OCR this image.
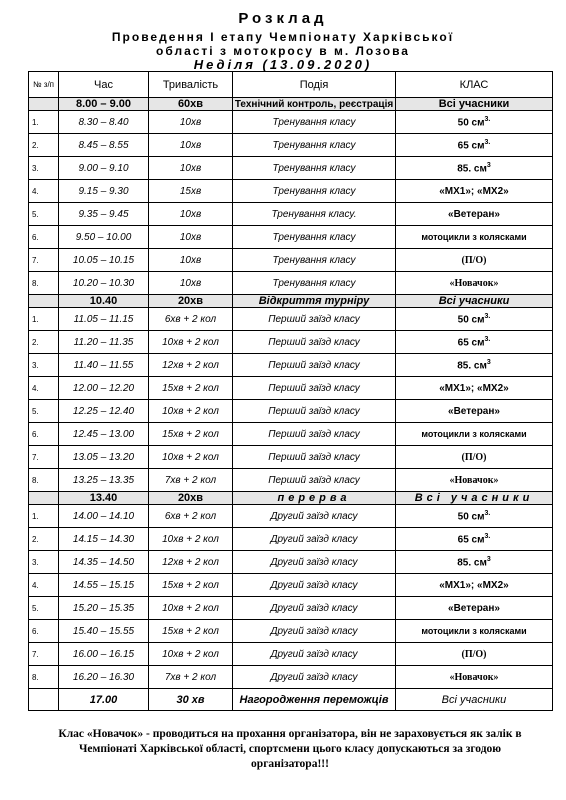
Розклад
Проведення І етапу Чемпіонату Харківської
області з мотокросу в м. Лозова
Неділя (13.09.2020)
№ з/п	Час	Тривалість	Подія	КЛАС
	8.00 – 9.00	60хв	Технічний контроль, реєстрація	Всі учасники
1.	8.30 – 8.40	10хв	Тренування класу	50 $см^{3.}$
2.	8.45 – 8.55	10хв	Тренування класу	65 $см^{3.}$
3.	9.00 – 9.10	10хв	Тренування класу	85. $см^3$
4.	9.15 – 9.30	15хв	Тренування класу	«МХ1»; «МХ2»
5.	9.35 – 9.45	10хв	Тренування класу.	«Ветеран»
6.	9.50 – 10.00	10хв	Тренування класу	мотоцикли з колясками
7.	10.05 – 10.15	10хв	Тренування класу	(П/О)
8.	10.20 – 10.30	10хв	Тренування класу	«Новачок»
	10.40	20хв	Відкриття турніру	Всі учасники
1.	11.05 – 11.15	6хв + 2 кол	Перший заїзд класу	50 $см^{3.}$
2.	11.20 – 11.35	10хв + 2 кол	Перший заїзд класу	65 $см^{3.}$
3.	11.40 – 11.55	12хв + 2 кол	Перший заїзд класу	85. $см^3$
4.	12.00 – 12.20	15хв + 2 кол	Перший заїзд класу	«МХ1»; «МХ2»
5.	12.25 – 12.40	10хв + 2 кол	Перший заїзд класу	«Ветеран»
6.	12.45 – 13.00	15хв + 2 кол	Перший заїзд класу	мотоцикли з колясками
7.	13.05 – 13.20	10хв + 2 кол	Перший заїзд класу	(П/О)
8.	13.25 – 13.35	7хв + 2 кол	Перший заїзд класу	«Новачок»
	13.40	20хв	перерва	Всі учасники
1.	14.00 – 14.10	6хв + 2 кол	Другий заїзд класу	50 $см^{3.}$
2.	14.15 – 14.30	10хв + 2 кол	Другий заїзд класу	65 $см^{3.}$
3.	14.35 – 14.50	12хв + 2 кол	Другий заїзд класу	85. $см^3$
4.	14.55 – 15.15	15хв + 2 кол	Другий заїзд класу	«МХ1»; «МХ2»
5.	15.20 – 15.35	10хв + 2 кол	Другий заїзд класу	«Ветеран»
6.	15.40 – 15.55	15хв + 2 кол	Другий заїзд класу	мотоцикли з колясками
7.	16.00 – 16.15	10хв + 2 кол	Другий заїзд класу	(П/О)
8.	16.20 – 16.30	7хв + 2 кол	Другий заїзд класу	«Новачок»
	17.00	30 хв	Нагородження переможців	Всі учасники
Клас «Новачок» - проводиться на прохання організатора, він не зараховується як залік в Чемпіонаті Харківської області, спортсмени цього класу допускаються за згодою організатора!!!
